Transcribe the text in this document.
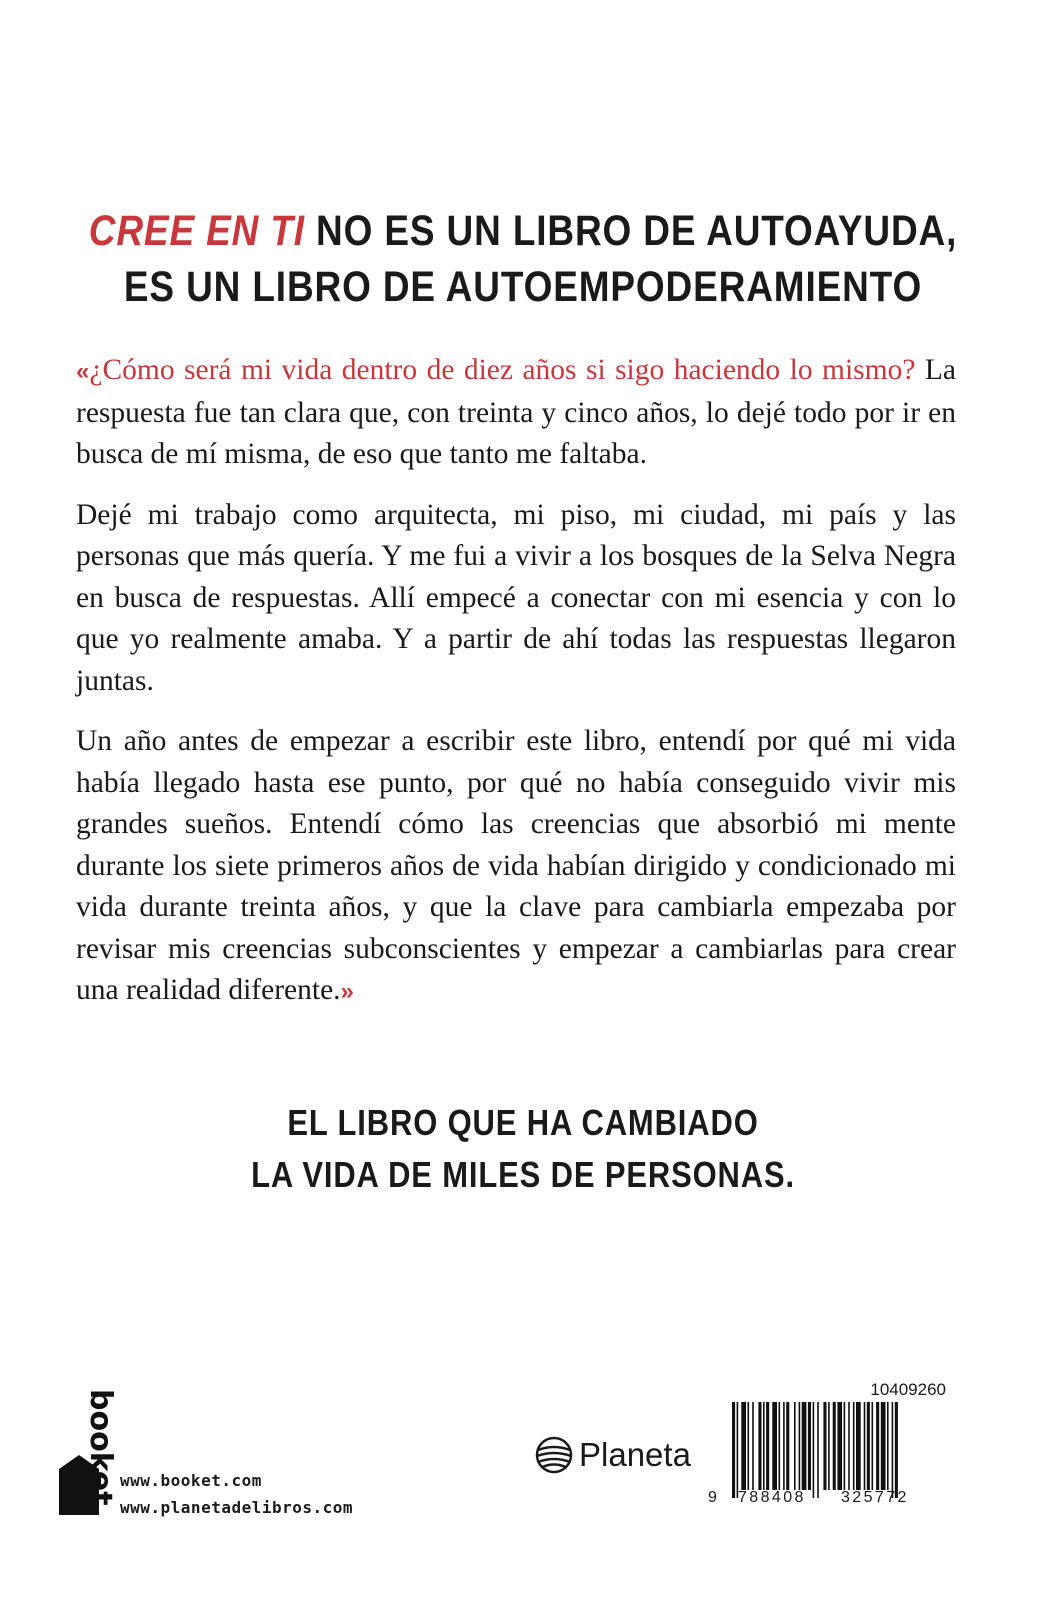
CREE EN TI NO ES UN LIBRO DE AUTOAYUDA,
ES UN LIBRO DE AUTOEMPODERAMIENTO

«¿Cómo será mi vida dentro de diez años si sigo haciendo lo mismo? La respuesta fue tan clara que, con treinta y cinco años, lo dejé todo por ir en busca de mí misma, de eso que tanto me faltaba.

Dejé mi trabajo como arquitecta, mi piso, mi ciudad, mi país y las personas que más quería. Y me fui a vivir a los bosques de la Selva Negra en busca de respuestas. Allí empecé a conectar con mi esencia y con lo que yo realmente amaba. Y a partir de ahí todas las respuestas llegaron juntas.

Un año antes de empezar a escribir este libro, entendí por qué mi vida había llegado hasta ese punto, por qué no había conseguido vivir mis grandes sueños. Entendí cómo las creencias que absorbió mi mente durante los siete primeros años de vida habían dirigido y condicionado mi vida durante treinta años, y que la clave para cambiarla empezaba por revisar mis creencias subconscientes y empezar a cambiarlas para crear una realidad diferente.»

EL LIBRO QUE HA CAMBIADO
LA VIDA DE MILES DE PERSONAS.
booket www.booket.com
www.planetadelibros.com
Planeta
10409260
9 788408 325772
